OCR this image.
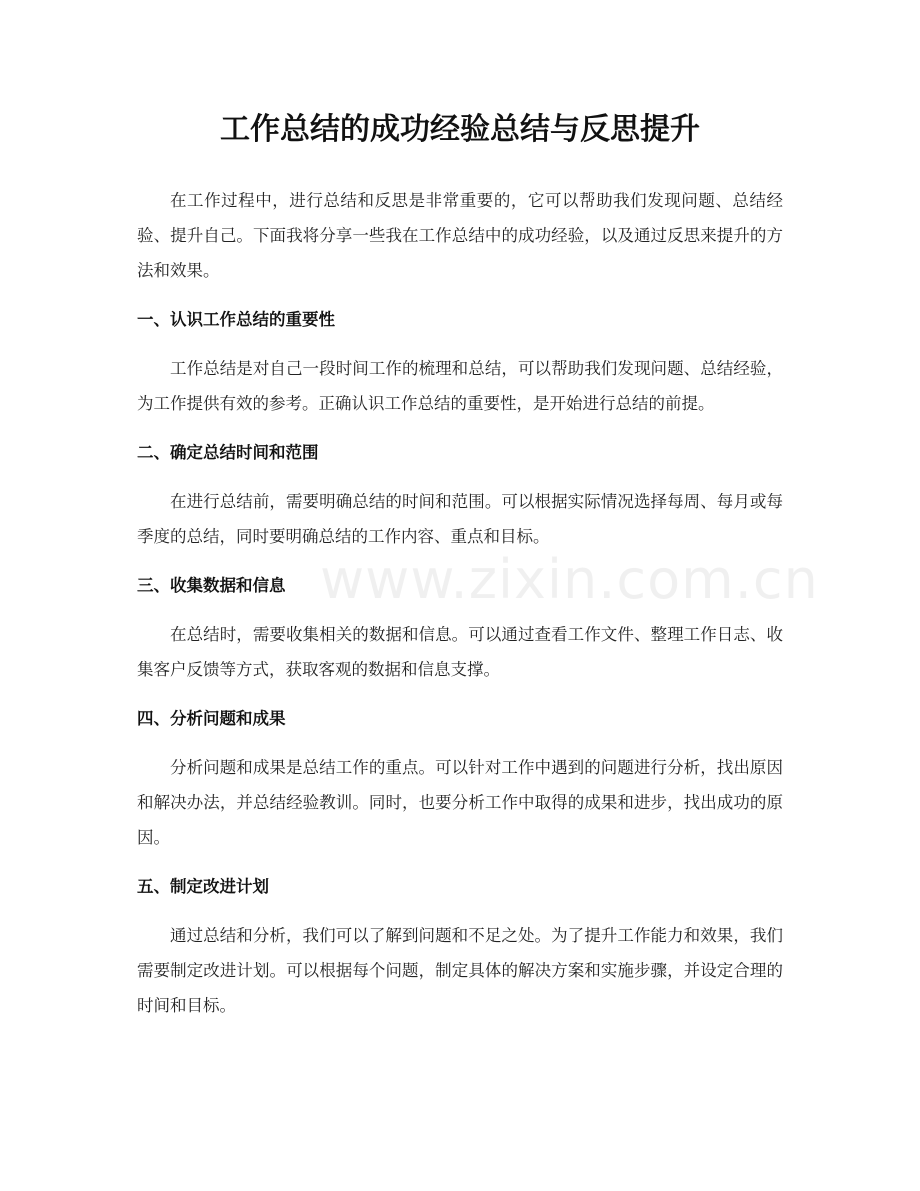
工作总结的成功经验总结与反思提升

在工作过程中，进行总结和反思是非常重要的，它可以帮助我们发现问题、总结经验、提升自己。下面我将分享一些我在工作总结中的成功经验，以及通过反思来提升的方法和效果。

一、认识工作总结的重要性

工作总结是对自己一段时间工作的梳理和总结，可以帮助我们发现问题、总结经验，为工作提供有效的参考。正确认识工作总结的重要性，是开始进行总结的前提。

二、确定总结时间和范围

在进行总结前，需要明确总结的时间和范围。可以根据实际情况选择每周、每月或每季度的总结，同时要明确总结的工作内容、重点和目标。

三、收集数据和信息

在总结时，需要收集相关的数据和信息。可以通过查看工作文件、整理工作日志、收集客户反馈等方式，获取客观的数据和信息支撑。

四、分析问题和成果

分析问题和成果是总结工作的重点。可以针对工作中遇到的问题进行分析，找出原因和解决办法，并总结经验教训。同时，也要分析工作中取得的成果和进步，找出成功的原因。

五、制定改进计划

通过总结和分析，我们可以了解到问题和不足之处。为了提升工作能力和效果，我们需要制定改进计划。可以根据每个问题，制定具体的解决方案和实施步骤，并设定合理的时间和目标。

www.zixin.com.cn
